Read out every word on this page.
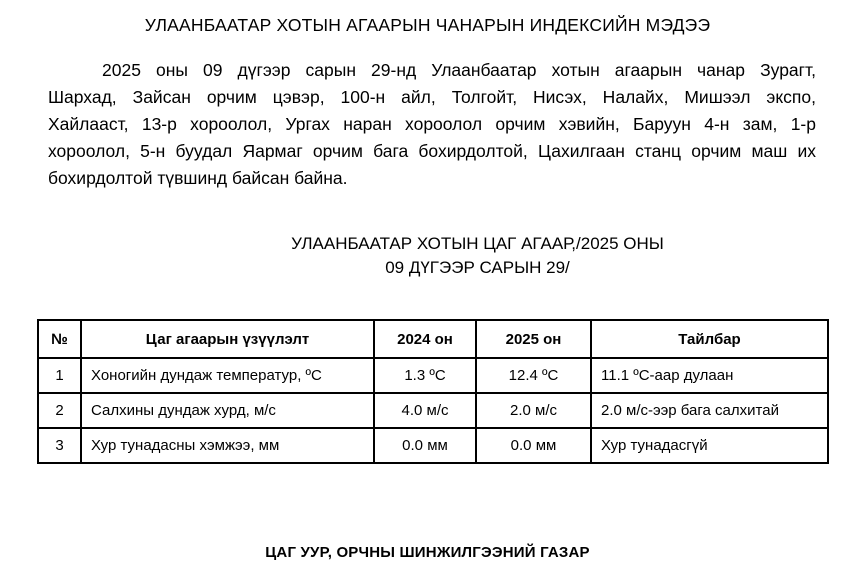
УЛААНБААТАР ХОТЫН АГААРЫН ЧАНАРЫН ИНДЕКСИЙН МЭДЭЭ
2025 оны 09 дүгээр сарын 29-нд Улаанбаатар хотын агаарын чанар Зурагт,
Шархад, Зайсан орчим цэвэр, 100-н айл, Толгойт, Нисэх, Налайх, Мишээл экспо,
Хайлааст, 13-р хороолол, Ургах наран хороолол орчим хэвийн, Баруун 4-н зам, 1-р
хороолол, 5-н буудал Яармаг орчим бага бохирдолтой, Цахилгаан станц орчим маш их
бохирдолтой түвшинд байсан байна.
УЛААНБААТАР ХОТЫН ЦАГ АГААР,/2025 ОНЫ
09 ДҮГЭЭР САРЫН 29/
№	Цаг агаарын үзүүлэлт	2024 он	2025 он	Тайлбар
1	Хоногийн дундаж температур, ºС	1.3 ºС	12.4 ºС	11.1 ºС-аар дулаан
2	Салхины дундаж хурд, м/с	4.0 м/с	2.0 м/с	2.0 м/с-ээр бага салхитай
3	Хур тунадасны хэмжээ, мм	0.0 мм	0.0 мм	Хур тунадасгүй
ЦАГ УУР, ОРЧНЫ ШИНЖИЛГЭЭНИЙ ГАЗАР
